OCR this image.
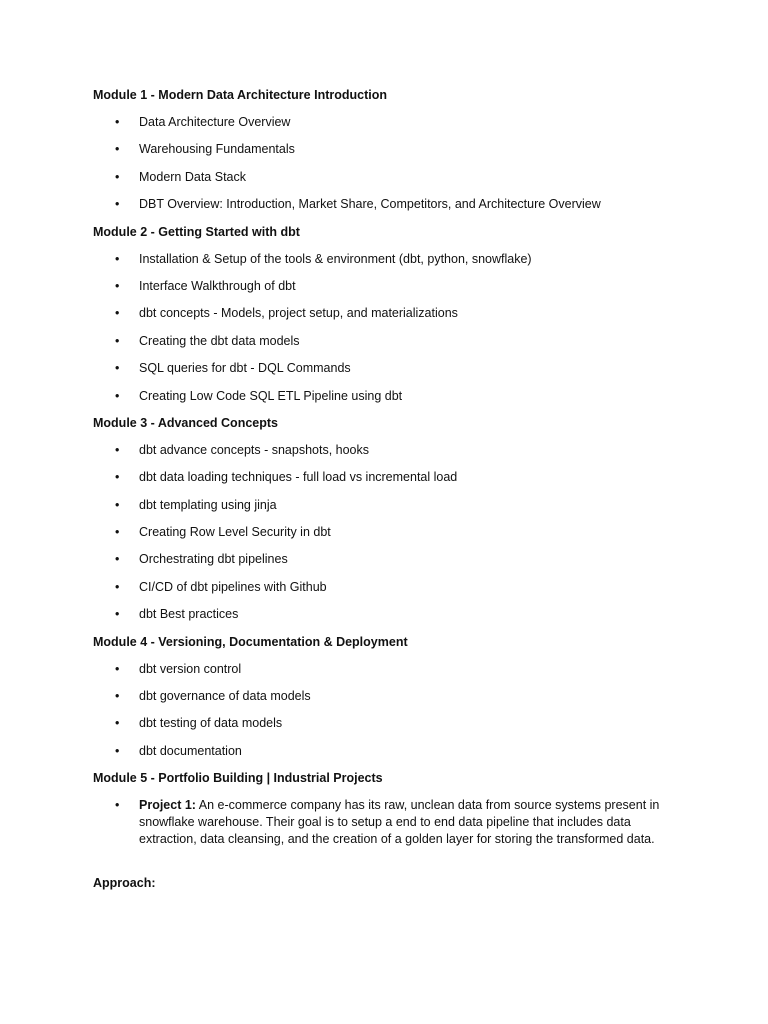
Module 1 - Modern Data Architecture Introduction

• Data Architecture Overview
• Warehousing Fundamentals
• Modern Data Stack
• DBT Overview: Introduction, Market Share, Competitors, and Architecture Overview

Module 2 - Getting Started with dbt

• Installation & Setup of the tools & environment (dbt, python, snowflake)
• Interface Walkthrough of dbt
• dbt concepts - Models, project setup, and materializations
• Creating the dbt data models
• SQL queries for dbt - DQL Commands
• Creating Low Code SQL ETL Pipeline using dbt

Module 3 - Advanced Concepts

• dbt advance concepts - snapshots, hooks
• dbt data loading techniques - full load vs incremental load
• dbt templating using jinja
• Creating Row Level Security in dbt
• Orchestrating dbt pipelines
• CI/CD of dbt pipelines with Github
• dbt Best practices

Module 4 - Versioning, Documentation & Deployment

• dbt version control
• dbt governance of data models
• dbt testing of data models
• dbt documentation

Module 5 - Portfolio Building | Industrial Projects

• Project 1: An e-commerce company has its raw, unclean data from source systems present in snowflake warehouse. Their goal is to setup a end to end data pipeline that includes data extraction, data cleansing, and the creation of a golden layer for storing the transformed data.

Approach:
